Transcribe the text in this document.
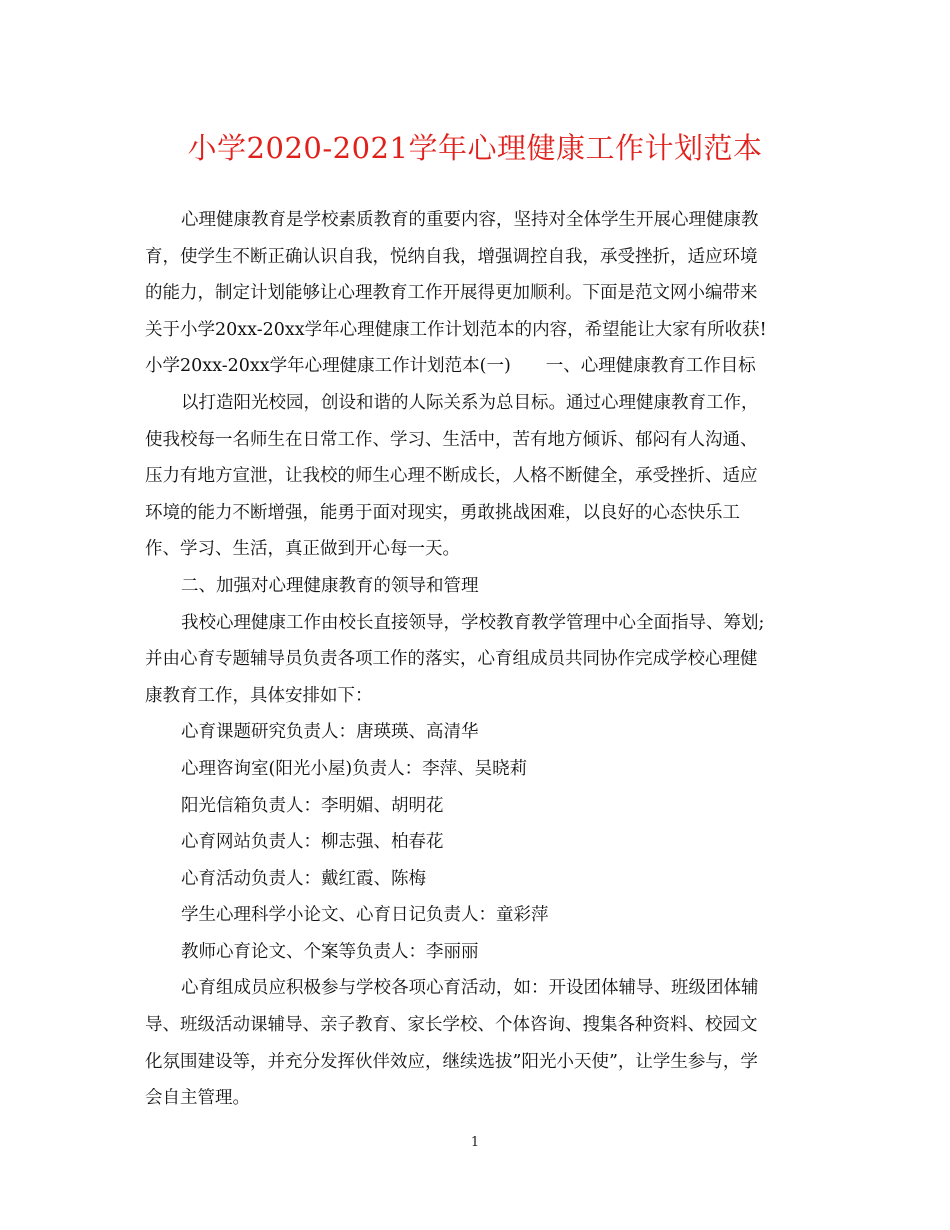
小学2020-2021学年心理健康工作计划范本
心理健康教育是学校素质教育的重要内容，坚持对全体学生开展心理健康教
育，使学生不断正确认识自我，悦纳自我，增强调控自我，承受挫折，适应环境
的能力，制定计划能够让心理教育工作开展得更加顺利。下面是范文网小编带来
关于小学20xx-20xx学年心理健康工作计划范本的内容，希望能让大家有所收获!
小学20xx-20xx学年心理健康工作计划范本(一)　　一、心理健康教育工作目标
以打造阳光校园，创设和谐的人际关系为总目标。通过心理健康教育工作，
使我校每一名师生在日常工作、学习、生活中，苦有地方倾诉、郁闷有人沟通、
压力有地方宣泄，让我校的师生心理不断成长，人格不断健全，承受挫折、适应
环境的能力不断增强，能勇于面对现实，勇敢挑战困难，以良好的心态快乐工
作、学习、生活，真正做到开心每一天。
二、加强对心理健康教育的领导和管理
我校心理健康工作由校长直接领导，学校教育教学管理中心全面指导、筹划;
并由心育专题辅导员负责各项工作的落实，心育组成员共同协作完成学校心理健
康教育工作，具体安排如下：
心育课题研究负责人：唐瑛瑛、高清华
心理咨询室(阳光小屋)负责人：李萍、吴晓莉
阳光信箱负责人：李明媚、胡明花
心育网站负责人：柳志强、柏春花
心育活动负责人：戴红霞、陈梅
学生心理科学小论文、心育日记负责人：童彩萍
教师心育论文、个案等负责人：李丽丽
心育组成员应积极参与学校各项心育活动，如：开设团体辅导、班级团体辅
导、班级活动课辅导、亲子教育、家长学校、个体咨询、搜集各种资料、校园文
化氛围建设等，并充分发挥伙伴效应，继续选拔”阳光小天使”，让学生参与，学
会自主管理。
1
